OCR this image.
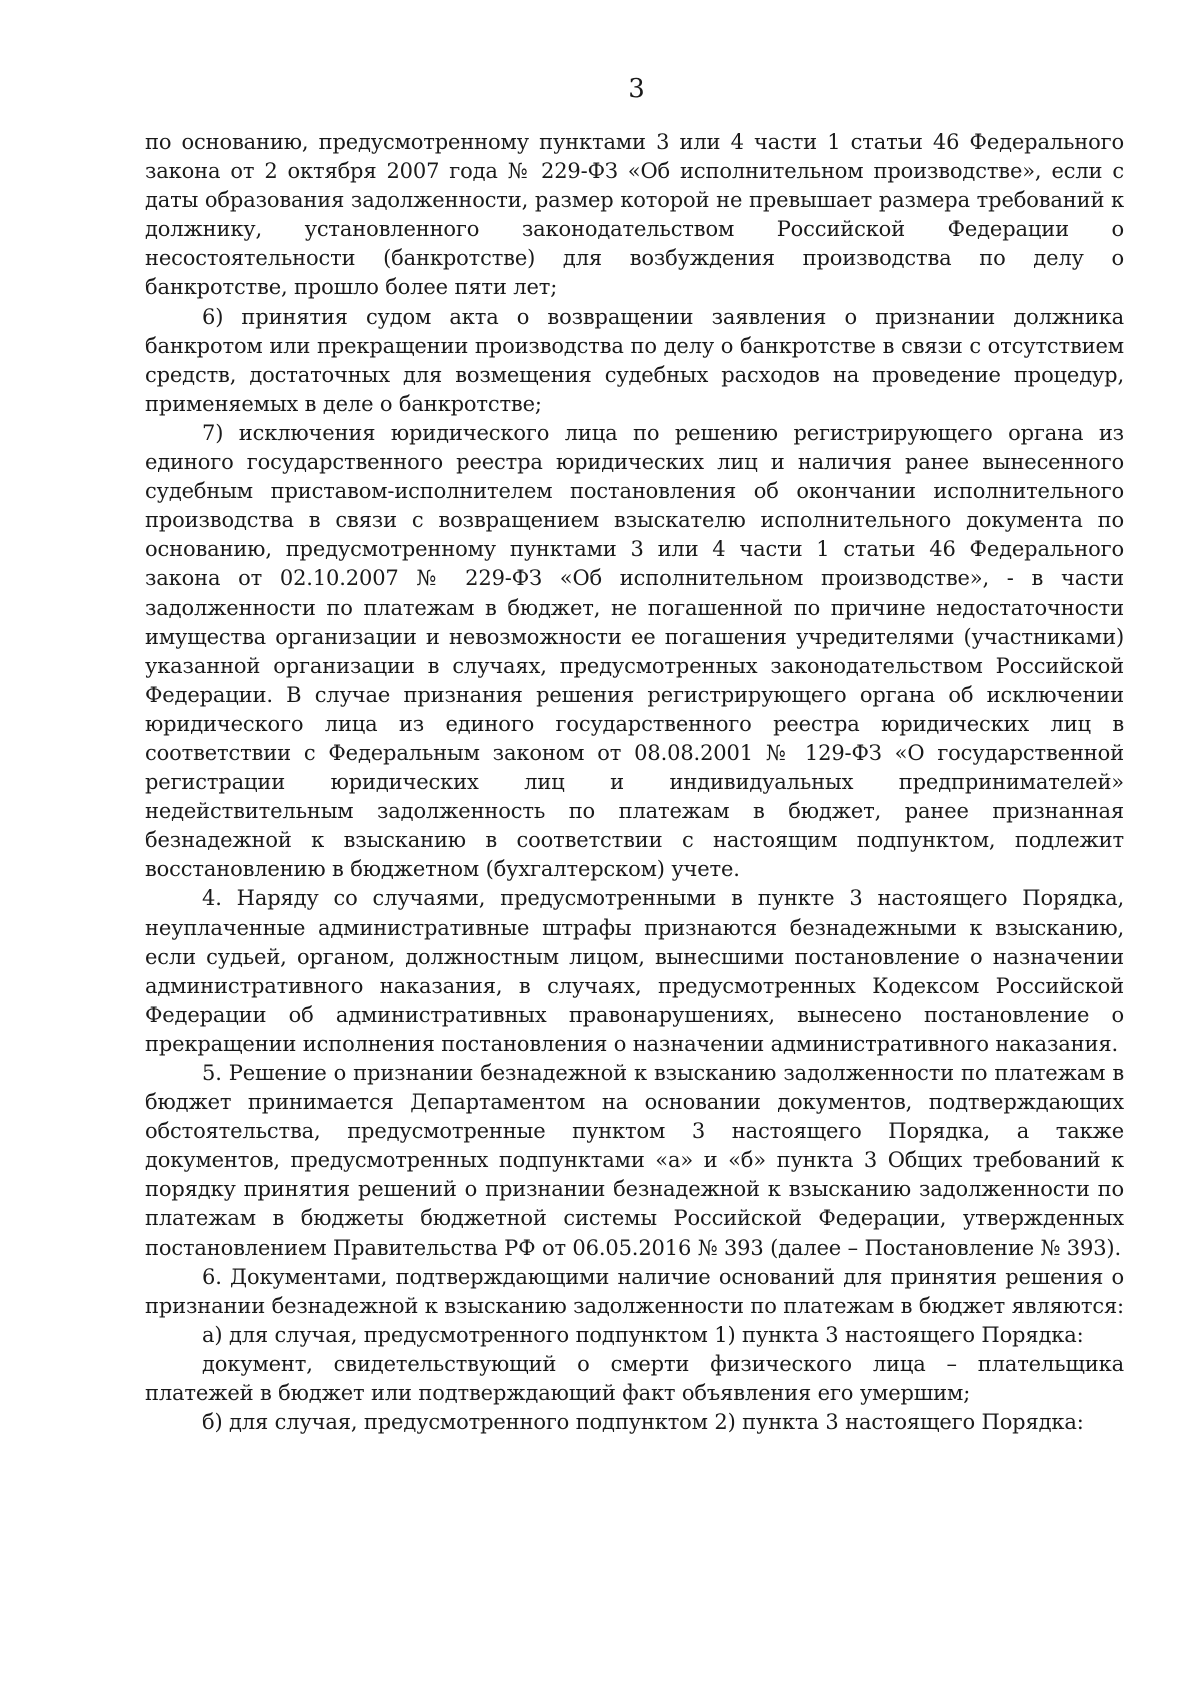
3

по основанию, предусмотренному пунктами 3 или 4 части 1 статьи 46 Федерального закона от 2 октября 2007 года № 229-ФЗ «Об исполнительном производстве», если с даты образования задолженности, размер которой не превышает размера требований к должнику, установленного законодательством Российской Федерации о несостоятельности (банкротстве) для возбуждения производства по делу о банкротстве, прошло более пяти лет;

6) принятия судом акта о возвращении заявления о признании должника банкротом или прекращении производства по делу о банкротстве в связи с отсутствием средств, достаточных для возмещения судебных расходов на проведение процедур, применяемых в деле о банкротстве;

7) исключения юридического лица по решению регистрирующего органа из единого государственного реестра юридических лиц и наличия ранее вынесенного судебным приставом-исполнителем постановления об окончании исполнительного производства в связи с возвращением взыскателю исполнительного документа по основанию, предусмотренному пунктами 3 или 4 части 1 статьи 46 Федерального закона от 02.10.2007 № 229-ФЗ «Об исполнительном производстве», - в части задолженности по платежам в бюджет, не погашенной по причине недостаточности имущества организации и невозможности ее погашения учредителями (участниками) указанной организации в случаях, предусмотренных законодательством Российской Федерации. В случае признания решения регистрирующего органа об исключении юридического лица из единого государственного реестра юридических лиц в соответствии с Федеральным законом от 08.08.2001 № 129-ФЗ «О государственной регистрации юридических лиц и индивидуальных предпринимателей» недействительным задолженность по платежам в бюджет, ранее признанная безнадежной к взысканию в соответствии с настоящим подпунктом, подлежит восстановлению в бюджетном (бухгалтерском) учете.

4. Наряду со случаями, предусмотренными в пункте 3 настоящего Порядка, неуплаченные административные штрафы признаются безнадежными к взысканию, если судьей, органом, должностным лицом, вынесшими постановление о назначении административного наказания, в случаях, предусмотренных Кодексом Российской Федерации об административных правонарушениях, вынесено постановление о прекращении исполнения постановления о назначении административного наказания.

5. Решение о признании безнадежной к взысканию задолженности по платежам в бюджет принимается Департаментом на основании документов, подтверждающих обстоятельства, предусмотренные пунктом 3 настоящего Порядка, а также документов, предусмотренных подпунктами «а» и «б» пункта 3 Общих требований к порядку принятия решений о признании безнадежной к взысканию задолженности по платежам в бюджеты бюджетной системы Российской Федерации, утвержденных постановлением Правительства РФ от 06.05.2016 № 393 (далее – Постановление № 393).

6. Документами, подтверждающими наличие оснований для принятия решения о признании безнадежной к взысканию задолженности по платежам в бюджет являются:

а) для случая, предусмотренного подпунктом 1) пункта 3 настоящего Порядка:

документ, свидетельствующий о смерти физического лица – плательщика платежей в бюджет или подтверждающий факт объявления его умершим;

б) для случая, предусмотренного подпунктом 2) пункта 3 настоящего Порядка:
